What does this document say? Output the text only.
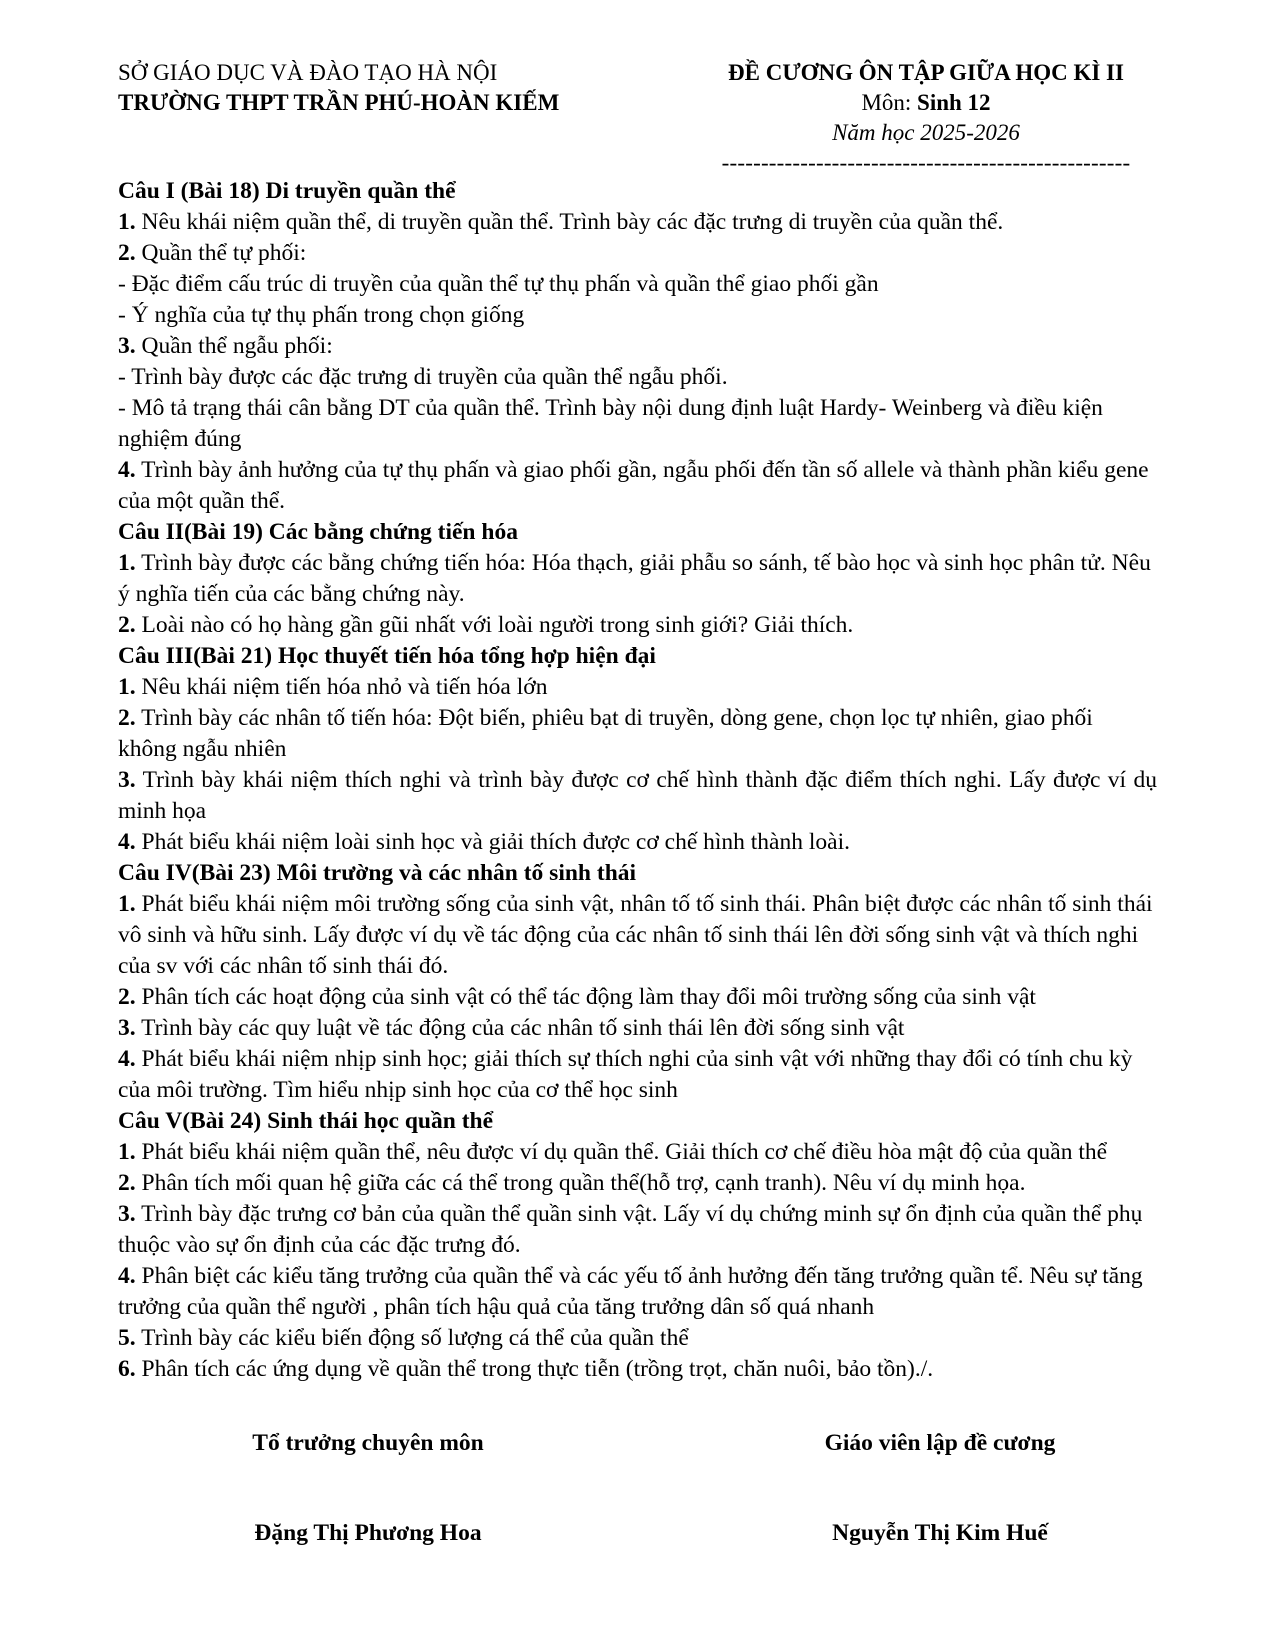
SỞ GIÁO DỤC VÀ ĐÀO TẠO HÀ NỘI
TRƯỜNG THPT TRẦN PHÚ-HOÀN KIẾM
ĐỀ CƯƠNG ÔN TẬP GIỮA HỌC KÌ II
Môn: Sinh 12
Năm học 2025-2026
----------------------------------------------------

Câu I (Bài 18) Di truyền quần thể

1. Nêu khái niệm quần thể, di truyền quần thể. Trình bày các đặc trưng di truyền của quần thể.

2. Quần thể tự phối:

- Đặc điểm cấu trúc di truyền của quần thể tự thụ phấn và quần thể giao phối gần

- Ý nghĩa của tự thụ phấn trong chọn giống

3. Quần thể ngẫu phối:

- Trình bày được các đặc trưng di truyền của quần thể ngẫu phối.

- Mô tả trạng thái cân bằng DT của quần thể. Trình bày nội dung định luật Hardy- Weinberg và điều kiện nghiệm đúng

4. Trình bày ảnh hưởng của tự thụ phấn và giao phối gần, ngẫu phối đến tần số allele và thành phần kiểu gene của một quần thể.

Câu II(Bài 19) Các bằng chứng tiến hóa

1. Trình bày được các bằng chứng tiến hóa: Hóa thạch, giải phẫu so sánh, tế bào học và sinh học phân tử. Nêu ý nghĩa tiến của các bằng chứng này.

2. Loài nào có họ hàng gần gũi nhất với loài người trong sinh giới? Giải thích.

Câu III(Bài 21) Học thuyết tiến hóa tổng hợp hiện đại

1. Nêu khái niệm tiến hóa nhỏ và tiến hóa lớn

2. Trình bày các nhân tố tiến hóa: Đột biến, phiêu bạt di truyền, dòng gene, chọn lọc tự nhiên, giao phối không ngẫu nhiên

3. Trình bày khái niệm thích nghi và trình bày được cơ chế hình thành đặc điểm thích nghi. Lấy được ví dụ minh họa

4. Phát biểu khái niệm loài sinh học và giải thích được cơ chế hình thành loài.

Câu IV(Bài 23) Môi trường và các nhân tố sinh thái

1. Phát biểu khái niệm môi trường sống của sinh vật, nhân tố tố sinh thái. Phân biệt được các nhân tố sinh thái vô sinh và hữu sinh. Lấy được ví dụ về tác động của các nhân tố sinh thái lên đời sống sinh vật và thích nghi của sv với các nhân tố sinh thái đó.

2. Phân tích các hoạt động của sinh vật có thể tác động làm thay đổi môi trường sống của sinh vật

3. Trình bày các quy luật về tác động của các nhân tố sinh thái lên đời sống sinh vật

4. Phát biểu khái niệm nhịp sinh học; giải thích sự thích nghi của sinh vật với những thay đổi có tính chu kỳ của môi trường. Tìm hiểu nhịp sinh học của cơ thể học sinh

Câu V(Bài 24) Sinh thái học quần thể

1. Phát biểu khái niệm quần thể, nêu được ví dụ quần thể. Giải thích cơ chế điều hòa mật độ của quần thể

2. Phân tích mối quan hệ giữa các cá thể trong quần thể(hỗ trợ, cạnh tranh). Nêu ví dụ minh họa.

3. Trình bày đặc trưng cơ bản của quần thể quần sinh vật. Lấy ví dụ chứng minh sự ổn định của quần thể phụ thuộc vào sự ổn định của các đặc trưng đó.

4. Phân biệt các kiểu tăng trưởng của quần thể và các yếu tố ảnh hưởng đến tăng trưởng quần tể. Nêu sự tăng trưởng của quần thể người , phân tích hậu quả của tăng trưởng dân số quá nhanh

5. Trình bày các kiểu biến động số lượng cá thể của quần thể

6. Phân tích các ứng dụng về quần thể trong thực tiễn (trồng trọt, chăn nuôi, bảo tồn)./.

Tổ trưởng chuyên môn
Đặng Thị Phương Hoa
Giáo viên lập đề cương
Nguyễn Thị Kim Huế
